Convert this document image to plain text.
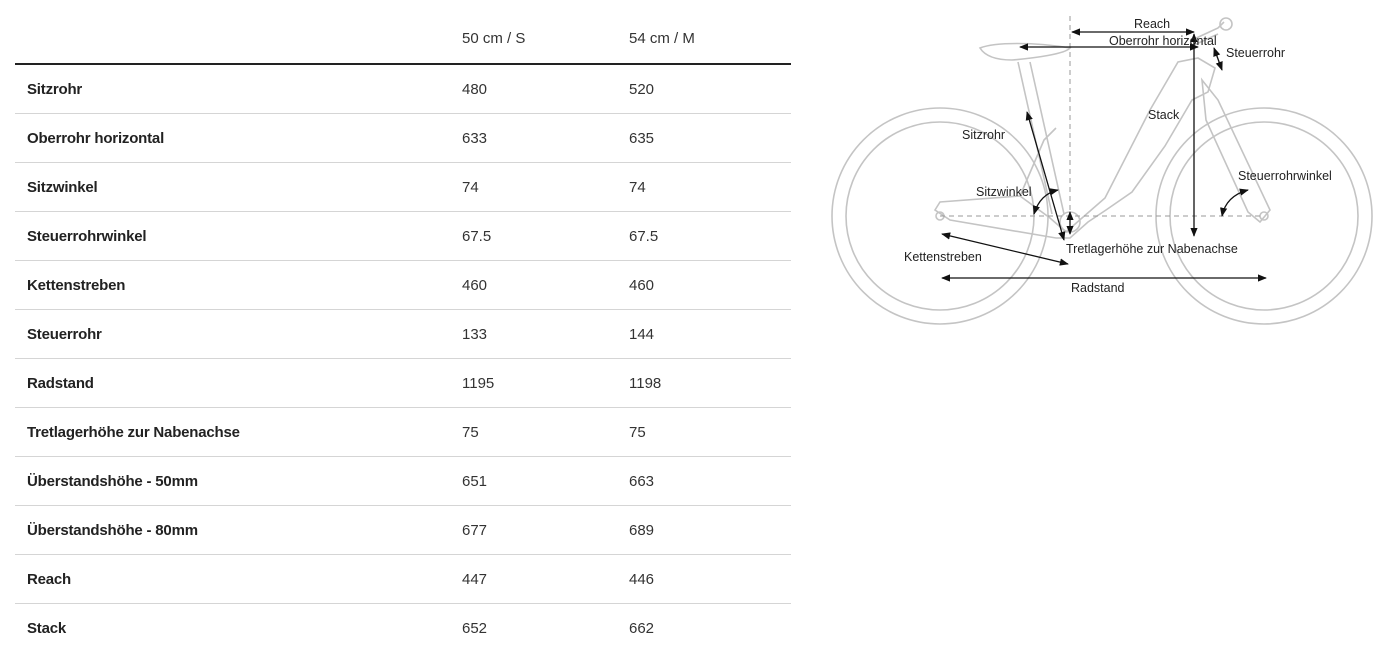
	50 cm / S	54 cm / M
Sitzrohr	480	520
Oberrohr horizontal	633	635
Sitzwinkel	74	74
Steuerrohrwinkel	67.5	67.5
Kettenstreben	460	460
Steuerrohr	133	144
Radstand	1195	1198
Tretlagerhöhe zur Nabenachse	75	75
Überstandshöhe - 50mm	651	663
Überstandshöhe - 80mm	677	689
Reach	447	446
Stack	652	662
Reach
Oberrohr horizontal
Steuerrohr
Stack
Sitzrohr
Sitzwinkel
Steuerrohrwinkel
Kettenstreben
Tretlagerhöhe zur Nabenachse
Radstand
